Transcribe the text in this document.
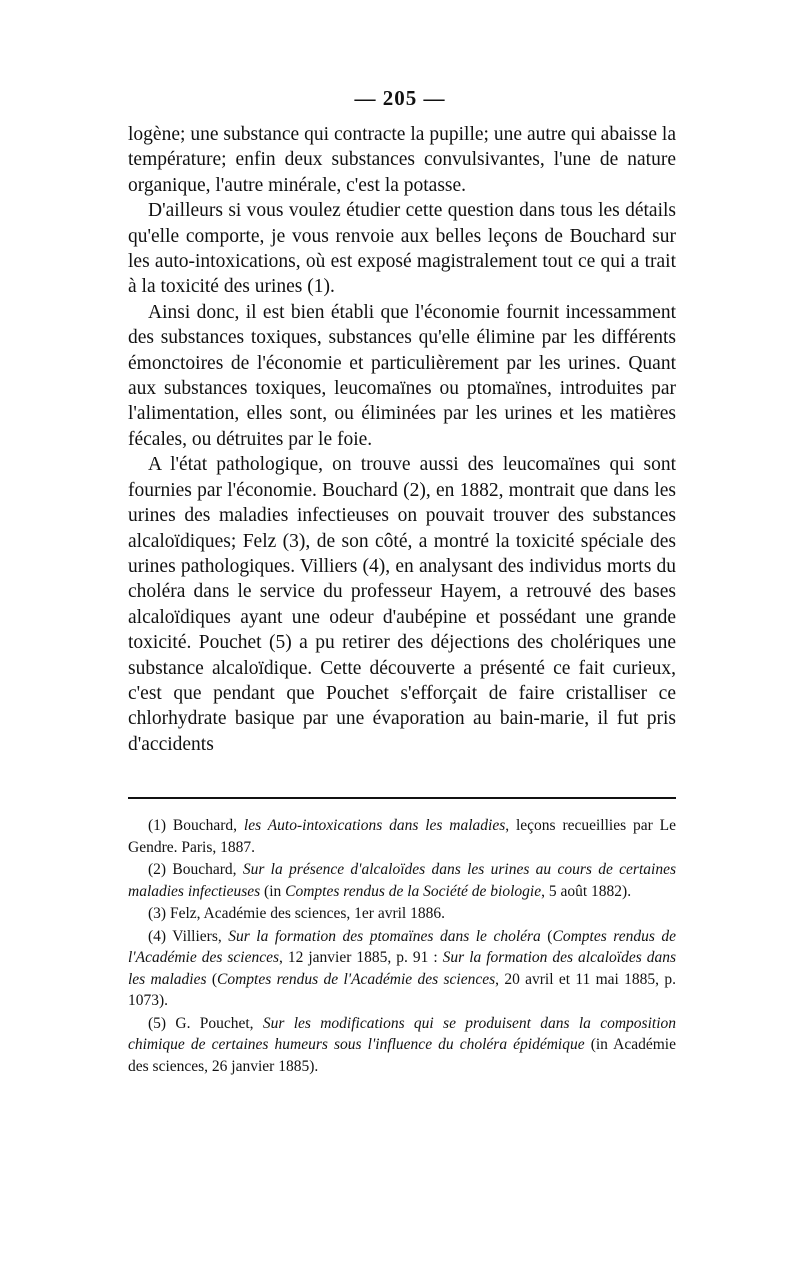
— 205 —

logène; une substance qui contracte la pupille; une autre qui abaisse la température; enfin deux substances convulsivantes, l'une de nature organique, l'autre minérale, c'est la potasse.

D'ailleurs si vous voulez étudier cette question dans tous les détails qu'elle comporte, je vous renvoie aux belles leçons de Bouchard sur les auto-intoxications, où est exposé magistralement tout ce qui a trait à la toxicité des urines (1).

Ainsi donc, il est bien établi que l'économie fournit incessamment des substances toxiques, substances qu'elle élimine par les différents émonctoires de l'économie et particulièrement par les urines. Quant aux substances toxiques, leucomaïnes ou ptomaïnes, introduites par l'alimentation, elles sont, ou éliminées par les urines et les matières fécales, ou détruites par le foie.

A l'état pathologique, on trouve aussi des leucomaïnes qui sont fournies par l'économie. Bouchard (2), en 1882, montrait que dans les urines des maladies infectieuses on pouvait trouver des substances alcaloïdiques; Felz (3), de son côté, a montré la toxicité spéciale des urines pathologiques. Villiers (4), en analysant des individus morts du choléra dans le service du professeur Hayem, a retrouvé des bases alcaloïdiques ayant une odeur d'aubépine et possédant une grande toxicité. Pouchet (5) a pu retirer des déjections des cholériques une substance alcaloïdique. Cette découverte a présenté ce fait curieux, c'est que pendant que Pouchet s'efforçait de faire cristalliser ce chlorhydrate basique par une évaporation au bain-marie, il fut pris d'accidents

(1) Bouchard, les Auto-intoxications dans les maladies, leçons recueillies par Le Gendre. Paris, 1887.

(2) Bouchard, Sur la présence d'alcaloïdes dans les urines au cours de certaines maladies infectieuses (in Comptes rendus de la Société de biologie, 5 août 1882).

(3) Felz, Académie des sciences, 1er avril 1886.

(4) Villiers, Sur la formation des ptomaïnes dans le choléra (Comptes rendus de l'Académie des sciences, 12 janvier 1885, p. 91 : Sur la formation des alcaloïdes dans les maladies (Comptes rendus de l'Académie des sciences, 20 avril et 11 mai 1885, p. 1073).

(5) G. Pouchet, Sur les modifications qui se produisent dans la composition chimique de certaines humeurs sous l'influence du choléra épidémique (in Académie des sciences, 26 janvier 1885).
